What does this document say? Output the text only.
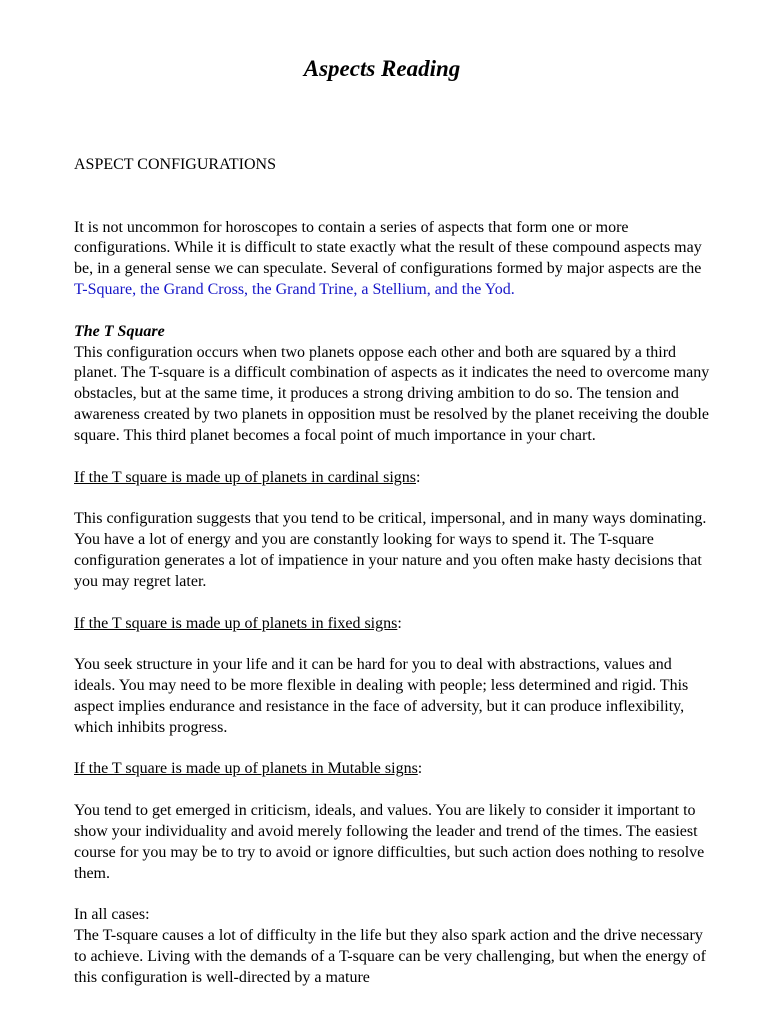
Aspects Reading

ASPECT CONFIGURATIONS

It is not uncommon for horoscopes to contain a series of aspects that form one or more configurations. While it is difficult to state exactly what the result of these compound aspects may be, in a general sense we can speculate. Several of configurations formed by major aspects are the T-Square, the Grand Cross, the Grand Trine, a Stellium, and the Yod.

The T Square

This configuration occurs when two planets oppose each other and both are squared by a third planet. The T-square is a difficult combination of aspects as it indicates the need to overcome many obstacles, but at the same time, it produces a strong driving ambition to do so. The tension and awareness created by two planets in opposition must be resolved by the planet receiving the double square. This third planet becomes a focal point of much importance in your chart.

If the T square is made up of planets in cardinal signs:

This configuration suggests that you tend to be critical, impersonal, and in many ways dominating. You have a lot of energy and you are constantly looking for ways to spend it. The T-square configuration generates a lot of impatience in your nature and you often make hasty decisions that you may regret later.

If the T square is made up of planets in fixed signs:

You seek structure in your life and it can be hard for you to deal with abstractions, values and ideals. You may need to be more flexible in dealing with people; less determined and rigid. This aspect implies endurance and resistance in the face of adversity, but it can produce inflexibility, which inhibits progress.

If the T square is made up of planets in Mutable signs:

You tend to get emerged in criticism, ideals, and values. You are likely to consider it important to show your individuality and avoid merely following the leader and trend of the times. The easiest course for you may be to try to avoid or ignore difficulties, but such action does nothing to resolve them.

In all cases:

The T-square causes a lot of difficulty in the life but they also spark action and the drive necessary to achieve. Living with the demands of a T-square can be very challenging, but when the energy of this configuration is well-directed by a mature
